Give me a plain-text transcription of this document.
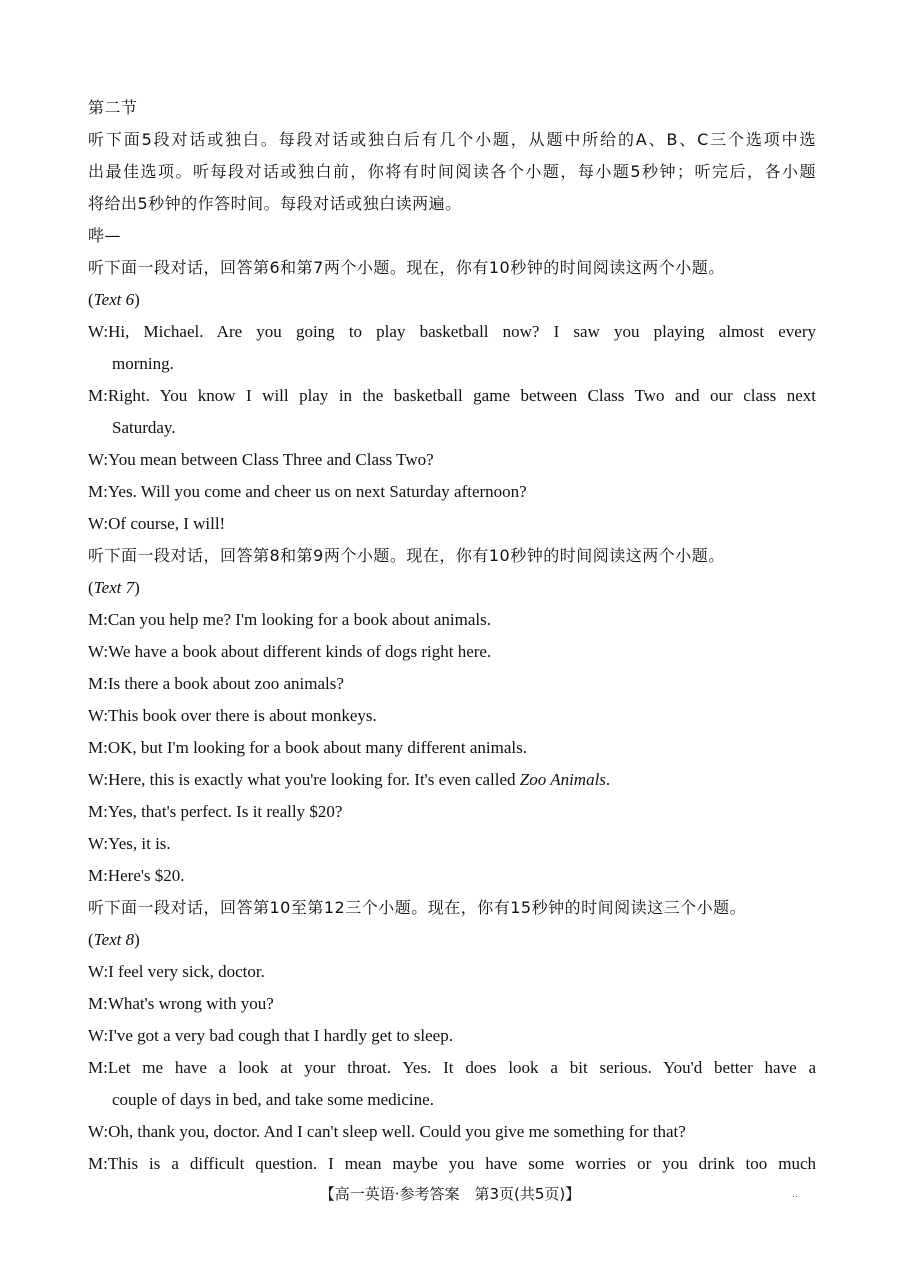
第二节
听下面5段对话或独白。每段对话或独白后有几个小题，从题中所给的A、B、C三个选项中选
出最佳选项。听每段对话或独白前，你将有时间阅读各个小题，每小题5秒钟；听完后，各小题
将给出5秒钟的作答时间。每段对话或独白读两遍。
哔—
听下面一段对话，回答第6和第7两个小题。现在，你有10秒钟的时间阅读这两个小题。
(Text 6)
W:Hi, Michael. Are you going to play basketball now? I saw you playing almost every
morning.
M:Right. You know I will play in the basketball game between Class Two and our class next
Saturday.
W:You mean between Class Three and Class Two?
M:Yes. Will you come and cheer us on next Saturday afternoon?
W:Of course, I will!
听下面一段对话，回答第8和第9两个小题。现在，你有10秒钟的时间阅读这两个小题。
(Text 7)
M:Can you help me? I'm looking for a book about animals.
W:We have a book about different kinds of dogs right here.
M:Is there a book about zoo animals?
W:This book over there is about monkeys.
M:OK, but I'm looking for a book about many different animals.
W:Here, this is exactly what you're looking for. It's even called Zoo Animals.
M:Yes, that's perfect. Is it really $20?
W:Yes, it is.
M:Here's $20.
听下面一段对话，回答第10至第12三个小题。现在，你有15秒钟的时间阅读这三个小题。
(Text 8)
W:I feel very sick, doctor.
M:What's wrong with you?
W:I've got a very bad cough that I hardly get to sleep.
M:Let me have a look at your throat. Yes. It does look a bit serious. You'd better have a
couple of days in bed, and take some medicine.
W:Oh, thank you, doctor. And I can't sleep well. Could you give me something for that?
M:This is a difficult question. I mean maybe you have some worries or you drink too much
【高一英语·参考答案　第3页(共5页)】	‥
